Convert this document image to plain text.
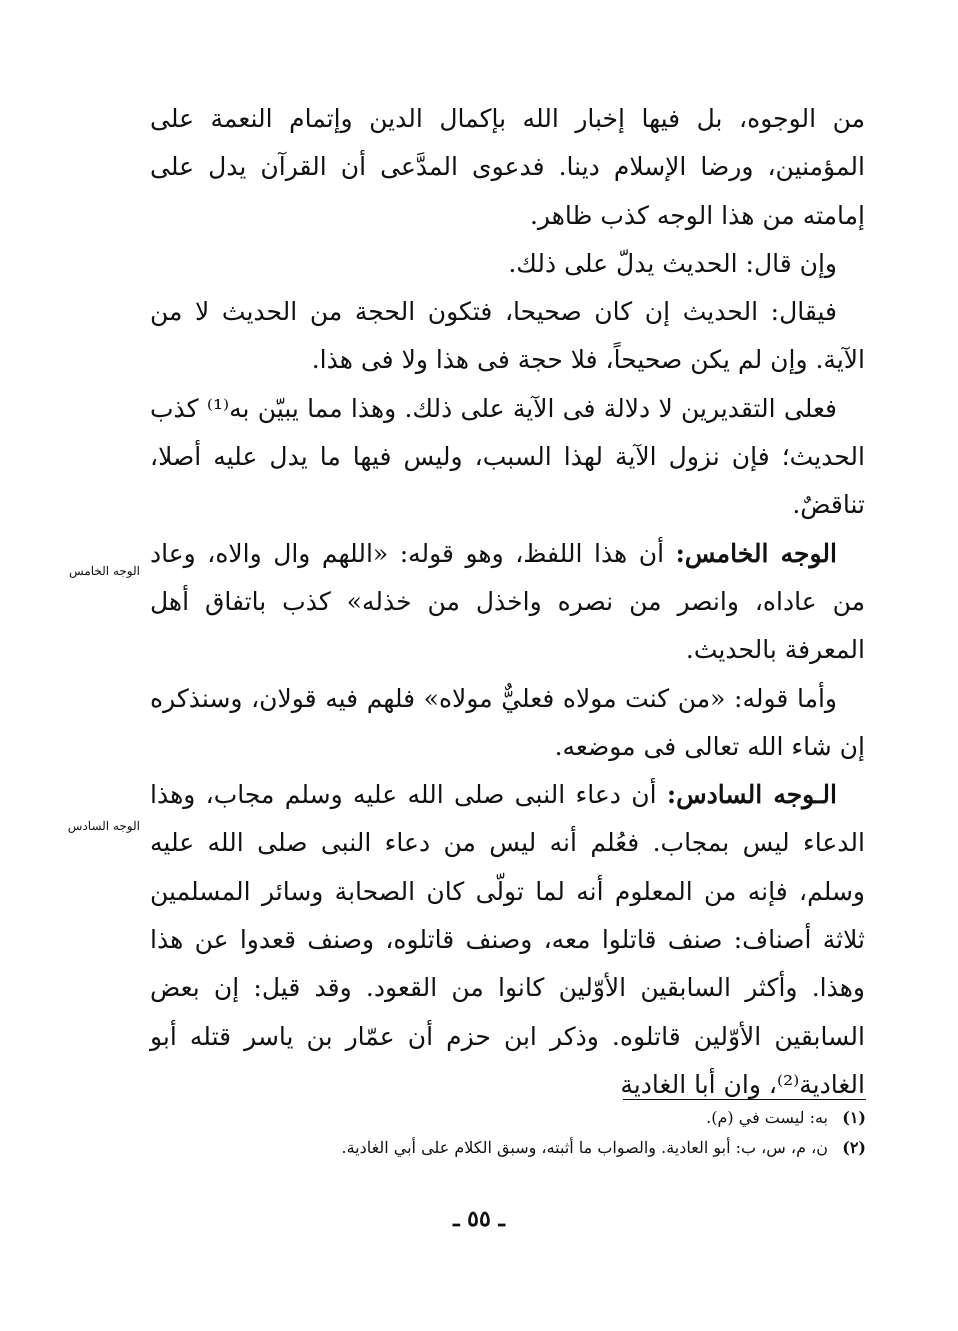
من الوجوه، بل فيها إخبار الله بإكمال الدين وإتمام النعمة على المؤمنين، ورضا الإسلام دينا. فدعوى المدَّعى أن القرآن يدل على إمامته من هذا الوجه كذب ظاهر.

وإن قال: الحديث يدلّ على ذلك.

فيقال: الحديث إن كان صحيحا، فتكون الحجة من الحديث لا من الآية. وإن لم يكن صحيحاً، فلا حجة فى هذا ولا فى هذا.

فعلى التقديرين لا دلالة فى الآية على ذلك. وهذا مما يبيّن به⁽¹⁾ كذب الحديث؛ فإن نزول الآية لهذا السبب، وليس فيها ما يدل عليه أصلا، تناقضٌ.

الوجه الخامس: أن هذا اللفظ، وهو قوله: «اللهم وال والاه، وعاد من عاداه، وانصر من نصره واخذل من خذله» كذب باتفاق أهل المعرفة بالحديث.

وأما قوله: «من كنت مولاه فعليٌّ مولاه» فلهم فيه قولان، وسنذكره إن شاء الله تعالى فى موضعه.

الـوجه السادس: أن دعاء النبى صلى الله عليه وسلم مجاب، وهذا الدعاء ليس بمجاب. فعُلم أنه ليس من دعاء النبى صلى الله عليه وسلم، فإنه من المعلوم أنه لما تولّى كان الصحابة وسائر المسلمين ثلاثة أصناف: صنف قاتلوا معه، وصنف قاتلوه، وصنف قعدوا عن هذا وهذا. وأكثر السابقين الأوّلين كانوا من القعود. وقد قيل: إن بعض السابقين الأوّلين قاتلوه. وذكر ابن حزم أن عمّار بن ياسر قتله أبو الغادية⁽²⁾، وان أبا الغادية

الوجه الخامس
الوجه السادس
(١)به: ليست في (م).
(٢)ن، م، س، ب: أبو العادية. والصواب ما أثبته، وسبق الكلام على أبي الغادية.
ـ ٥٥ ـ
